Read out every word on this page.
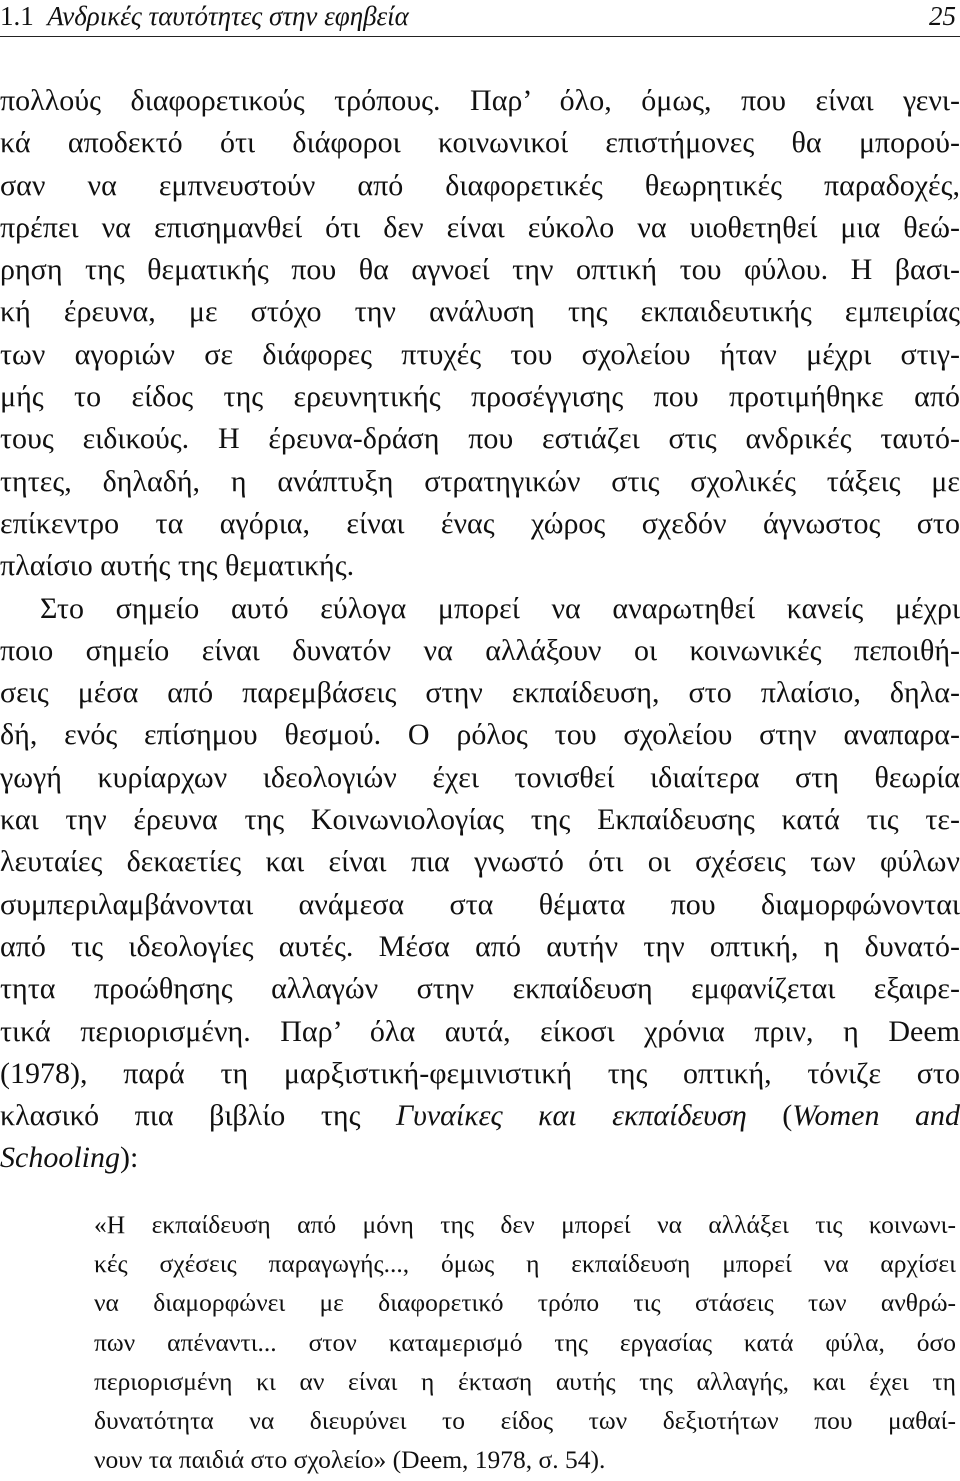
1.1 Ανδρικές ταυτότητες στην εφηβεία	25
πολλούς διαφορετικούς τρόπους. Παρ’ όλο, όμως, που είναι γενι-
κά αποδεκτό ότι διάφοροι κοινωνικοί επιστήμονες θα μπορού-
σαν να εμπνευστούν από διαφορετικές θεωρητικές παραδοχές,
πρέπει να επισημανθεί ότι δεν είναι εύκολο να υιοθετηθεί μια θεώ-
ρηση της θεματικής που θα αγνοεί την οπτική του φύλου. Η βασι-
κή έρευνα, με στόχο την ανάλυση της εκπαιδευτικής εμπειρίας
των αγοριών σε διάφορες πτυχές του σχολείου ήταν μέχρι στιγ-
μής το είδος της ερευνητικής προσέγγισης που προτιμήθηκε από
τους ειδικούς. Η έρευνα-δράση που εστιάζει στις ανδρικές ταυτό-
τητες, δηλαδή, η ανάπτυξη στρατηγικών στις σχολικές τάξεις με
επίκεντρο τα αγόρια, είναι ένας χώρος σχεδόν άγνωστος στο
πλαίσιο αυτής της θεματικής.
Στο σημείο αυτό εύλογα μπορεί να αναρωτηθεί κανείς μέχρι
ποιο σημείο είναι δυνατόν να αλλάξουν οι κοινωνικές πεποιθή-
σεις μέσα από παρεμβάσεις στην εκπαίδευση, στο πλαίσιο, δηλα-
δή, ενός επίσημου θεσμού. Ο ρόλος του σχολείου στην αναπαρα-
γωγή κυρίαρχων ιδεολογιών έχει τονισθεί ιδιαίτερα στη θεωρία
και την έρευνα της Κοινωνιολογίας της Εκπαίδευσης κατά τις τε-
λευταίες δεκαετίες και είναι πια γνωστό ότι οι σχέσεις των φύλων
συμπεριλαμβάνονται ανάμεσα στα θέματα που διαμορφώνονται
από τις ιδεολογίες αυτές. Μέσα από αυτήν την οπτική, η δυνατό-
τητα προώθησης αλλαγών στην εκπαίδευση εμφανίζεται εξαιρε-
τικά περιορισμένη. Παρ’ όλα αυτά, είκοσι χρόνια πριν, η Deem
(1978), παρά τη μαρξιστική-φεμινιστική της οπτική, τόνιζε στο
κλασικό πια βιβλίο της Γυναίκες και εκπαίδευση (Women and
Schooling):
«Η εκπαίδευση από μόνη της δεν μπορεί να αλλάξει τις κοινωνι-
κές σχέσεις παραγωγής..., όμως η εκπαίδευση μπορεί να αρχίσει
να διαμορφώνει με διαφορετικό τρόπο τις στάσεις των ανθρώ-
πων απέναντι... στον καταμερισμό της εργασίας κατά φύλα, όσο
περιορισμένη κι αν είναι η έκταση αυτής της αλλαγής, και έχει τη
δυνατότητα να διευρύνει το είδος των δεξιοτήτων που μαθαί-
νουν τα παιδιά στο σχολείο» (Deem, 1978, σ. 54).
